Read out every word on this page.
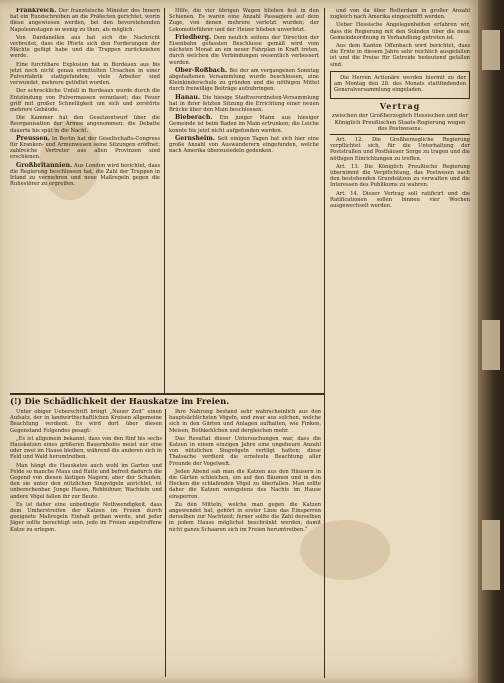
Frankreich. Der französische Minister des Innern hat ein Rundschreiben an die Präfecten gerichtet, worin diese angewiesen werden, bei den bevorstehenden Napoleonstagen so wenig zu thun, als möglich.

Von Dardanellen aus hat sich die Nachricht verbreitet, dass die Pforte sich den Forderungen der Mächte gefügt habe und die Truppen zurückziehen werde.

Eine furchtbare Explosion hat in Bordeaux aus bis jetzt noch nicht genau ermittelten Ursachen in einer Pulverfabrik stattgefunden; viele Arbeiter sind verwundet, mehrere getödtet worden.

Der schreckliche Unfall in Bordeaux wurde durch die Entzündung von Pulvermassen veranlasst; das Feuer griff mit großer Schnelligkeit um sich und zerstörte mehrere Gebäude.

Die Kammer hat den Gesetzentwurf über die Reorganisation der Armee angenommen; die Debatte dauerte bis spät in die Nacht.

Preussen. In Berlin hat der Gesellschafts-Congress für Kranken- und Armenwesen seine Sitzungen eröffnet; zahlreiche Vertreter aus allen Provinzen sind erschienen.

Großbritannien. Aus London wird berichtet, dass die Regierung beschlossen hat, die Zahl der Truppen in Irland zu vermehren und neue Maßregeln gegen die Ruhestörer zu ergreifen.

Hilfe, die vier übrigen Wagen blieben fest in den Schienen. Es waren eine Anzahl Passagiere auf dem Zuge, von denen mehrere verletzt wurden; der Lokomotivführer und der Heizer blieben unverletzt.

Friedberg. Dem neulich seitens der Direction der Eisenbahn gefassten Beschlusse gemäß wird vom nächsten Monat an ein neuer Fahrplan in Kraft treten, durch welchen die Verbindungen wesentlich verbessert werden.

Ober-Roßbach. Bei der am vergangenen Sonntag abgehaltenen Versammlung wurde beschlossen, eine Kleinkinderschule zu gründen und die nöthigen Mittel durch freiwillige Beiträge aufzubringen.

Hanau. Die hiesige Stadtverordneten-Versammlung hat in ihrer letzten Sitzung die Errichtung einer neuen Brücke über den Main beschlossen.

Bieberach. Ein junger Mann aus hiesiger Gemeinde ist beim Baden im Main ertrunken; die Leiche konnte bis jetzt nicht aufgefunden werden.

Gernsheim. Seit einigen Tagen hat sich hier eine große Anzahl von Auswanderern eingefunden, welche nach Amerika überzusiedeln gedenken.

und von da über Rotterdam in großer Anzahl zugleich nach Amerika eingeschifft werden.

Ueber Hessische Angelegenheiten erfahren wir, dass die Regierung mit den Ständen über die neue Gemeindeordnung in Verhandlung getreten ist.

Aus dem Kanton Offenbach wird berichtet, dass die Ernte in diesem Jahre sehr reichlich ausgefallen ist und die Preise für Getreide bedeutend gefallen sind.

Die Herren Actionäre werden hiermit zu der am Montag den 28. des Monats stattfindenden Generalversammlung eingeladen.

Vertrag
zwischen der Großherzoglich Hessischen und der Königlich Preußischen Staats-Regierung wegen des Postwesens.

Art. 12. Die Großherzogliche Regierung verpflichtet sich, für die Unterhaltung der Poststraßen und Posthäuser Sorge zu tragen und die nöthigen Einrichtungen zu treffen.

Art. 13. Die Königlich Preußische Regierung übernimmt die Verpflichtung, das Postwesen nach den bestehenden Grundsätzen zu verwalten und die Interessen des Publikums zu wahren.

Art. 14. Dieser Vertrag soll ratificirt und die Ratificationen sollen binnen vier Wochen ausgewechselt werden.

(!) Die Schädlichkeit der Hauskatze im Freien.

Unter obiger Ueberschrift bringt „Neuer Zeit“ einen Aufsatz, der in landwirthschaftlichen Kreisen allgemeine Beachtung verdient. Es wird dort über diesen Gegenstand Folgendes gesagt:

„Es ist allgemein bekannt, dass von den fünf bis sechs Hauskatzen eines größeren Bauernhofes meist nur eine oder zwei im Hause bleiben, während die anderen sich in Feld und Wald herumtreiben.

Man hängt die Hauskatze auch wohl im Garten und Felde so manche Maus und Ratte und befreit dadurch die Gegend von diesen lästigen Nagern; aber der Schaden, den sie unter den nützlichen Singvögeln anrichtet, ist unberechenbar. Junge Hasen, Rebhühner, Wachteln und andere Vögel fallen ihr zur Beute.

Es ist daher eine unbedingte Nothwendigkeit, dass dem Umherstreifen der Katzen im Freien durch geeignete Maßregeln Einhalt gethan werde, und jeder Jäger sollte berechtigt sein, jede im Freien angetroffene Katze zu erlegen.

Ihre Nahrung bestand sehr wahrscheinlich aus den hauptsächlichsten Vögeln, und zwar aus solchen, welche sich in den Gärten und Anlagen aufhalten, wie Finken, Meisen, Rothkehlchen und dergleichen mehr.

Das Resultat dieser Untersuchungen war, dass die Katzen in einem einzigen Jahre eine ungeheure Anzahl von nützlichen Singvögeln vertilgt hatten; diese Thatsache verdient die ernsteste Beachtung aller Freunde der Vogelwelt.

Jeden Abend sah man die Katzen aus den Häusern in die Gärten schleichen, um auf den Bäumen und in den Hecken die schlafenden Vögel zu überfallen. Man sollte daher die Katzen wenigstens des Nachts im Hause einsperren.

Zu den Mitteln, welche man gegen die Katzen angewendet hat, gehört in erster Linie das Einsperren derselben zur Nachtzeit; ferner sollte die Zahl derselben in jedem Hause möglichst beschränkt werden, damit nicht ganze Schaaren sich im Freien herumtreiben.“
